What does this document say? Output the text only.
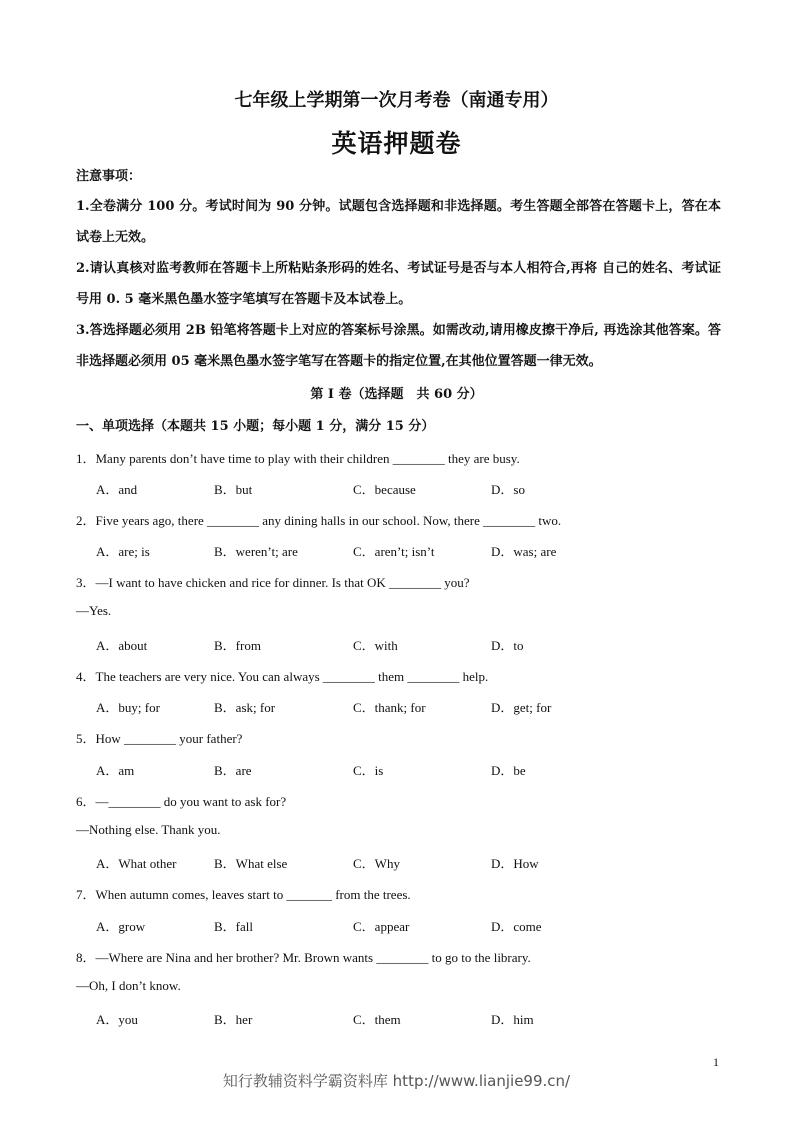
七年级上学期第一次月考卷（南通专用）
英语押题卷
注意事项：
1.全卷满分 100 分。考试时间为 90 分钟。试题包含选择题和非选择题。考生答题全部答在答题卡上，答在本试卷上无效。
2.请认真核对监考教师在答题卡上所粘贴条形码的姓名、考试证号是否与本人相符合,再将 自己的姓名、考试证号用 0. 5 毫米黑色墨水签字笔填写在答题卡及本试卷上。
3.答选择题必须用 2B 铅笔将答题卡上对应的答案标号涂黑。如需改动,请用橡皮擦干净后, 再选涂其他答案。答非选择题必须用 05 毫米黑色墨水签字笔写在答题卡的指定位置,在其他位置答题一律无效。
第 I 卷（选择题　共 60 分）
一、单项选择（本题共 15 小题；每小题 1 分，满分 15 分）
1．Many parents don’t have time to play with their children ________ they are busy.
A．and	B．but	C．because	D．so
2．Five years ago, there ________ any dining halls in our school. Now, there ________ two.
A．are; is	B．weren’t; are	C．aren’t; isn’t	D．was; are
3．—I want to have chicken and rice for dinner. Is that OK ________ you?
—Yes.
A．about	B．from	C．with	D．to
4．The teachers are very nice. You can always ________ them ________ help.
A．buy; for	B．ask; for	C．thank; for	D．get; for
5．How ________ your father?
A．am	B．are	C．is	D．be
6．—________ do you want to ask for?
—Nothing else. Thank you.
A．What other	B．What else	C．Why	D．How
7．When autumn comes, leaves start to _______ from the trees.
A．grow	B．fall	C．appear	D．come
8．—Where are Nina and her brother? Mr. Brown wants ________ to go to the library.
—Oh, I don’t know.
A．you	B．her	C．them	D．him
1
知行教辅资料学霸资料库 http://www.lianjie99.cn/
